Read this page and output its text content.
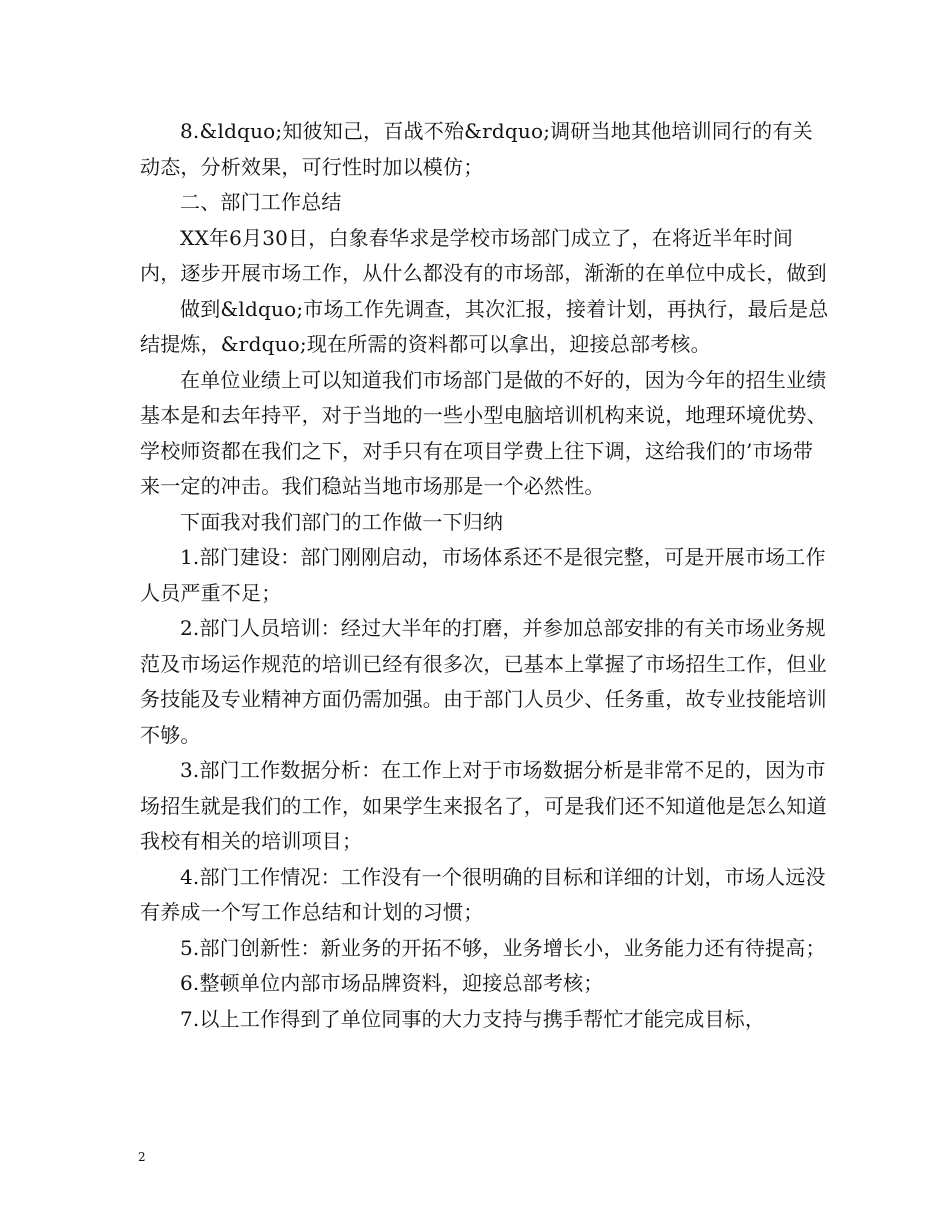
8.&ldquo;知彼知己，百战不殆&rdquo;调研当地其他培训同行的有关动态，分析效果，可行性时加以模仿；

二、部门工作总结

XX年6月30日，白象春华求是学校市场部门成立了，在将近半年时间内，逐步开展市场工作，从什么都没有的市场部，渐渐的在单位中成长，做到

做到&ldquo;市场工作先调查，其次汇报，接着计划，再执行，最后是总结提炼，&rdquo;现在所需的资料都可以拿出，迎接总部考核。

在单位业绩上可以知道我们市场部门是做的不好的，因为今年的招生业绩基本是和去年持平，对于当地的一些小型电脑培训机构来说，地理环境优势、学校师资都在我们之下，对手只有在项目学费上往下调，这给我们的’市场带来一定的冲击。我们稳站当地市场那是一个必然性。

下面我对我们部门的工作做一下归纳

1.部门建设：部门刚刚启动，市场体系还不是很完整，可是开展市场工作人员严重不足；

2.部门人员培训：经过大半年的打磨，并参加总部安排的有关市场业务规范及市场运作规范的培训已经有很多次，已基本上掌握了市场招生工作，但业务技能及专业精神方面仍需加强。由于部门人员少、任务重，故专业技能培训不够。

3.部门工作数据分析：在工作上对于市场数据分析是非常不足的，因为市场招生就是我们的工作，如果学生来报名了，可是我们还不知道他是怎么知道我校有相关的培训项目；

4.部门工作情况：工作没有一个很明确的目标和详细的计划，市场人远没有养成一个写工作总结和计划的习惯；

5.部门创新性：新业务的开拓不够，业务增长小，业务能力还有待提高；

6.整顿单位内部市场品牌资料，迎接总部考核；

7.以上工作得到了单位同事的大力支持与携手帮忙才能完成目标，

2
